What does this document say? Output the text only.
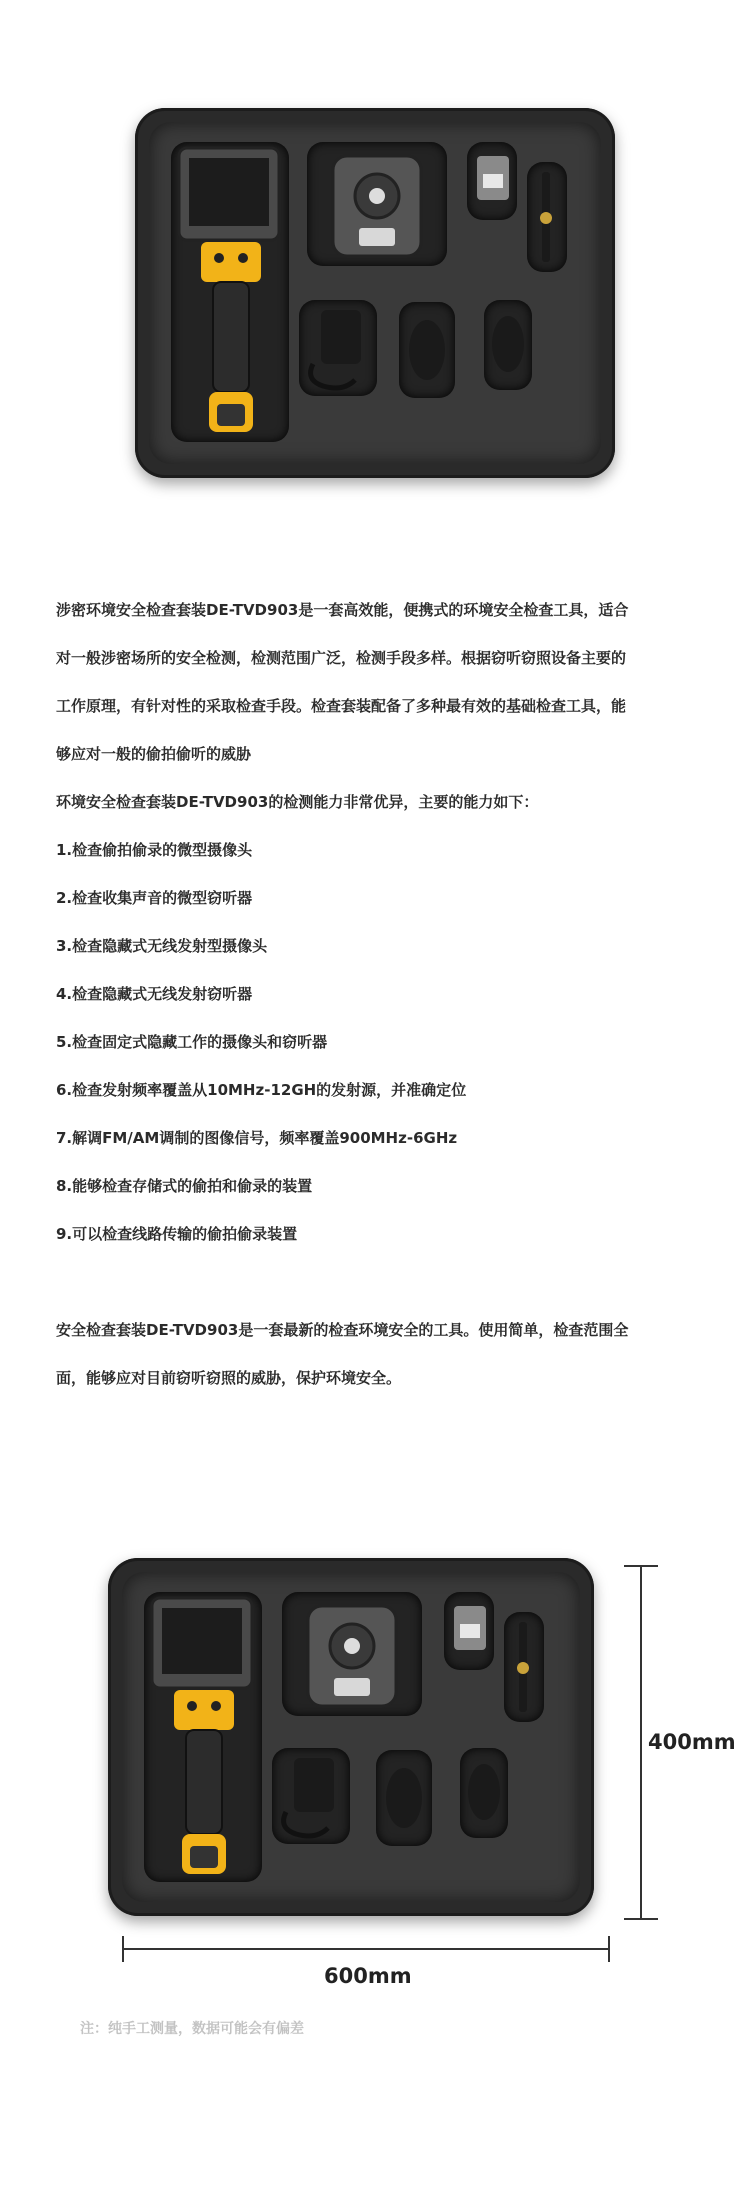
涉密环境安全检查套装DE-TVD903是一套高效能，便携式的环境安全检查工具，适合

对一般涉密场所的安全检测，检测范围广泛，检测手段多样。根据窃听窃照设备主要的

工作原理，有针对性的采取检查手段。检查套装配备了多种最有效的基础检查工具，能

够应对一般的偷拍偷听的威胁

环境安全检查套装DE-TVD903的检测能力非常优异，主要的能力如下：

1.检查偷拍偷录的微型摄像头

2.检查收集声音的微型窃听器

3.检查隐藏式无线发射型摄像头

4.检查隐藏式无线发射窃听器

5.检查固定式隐藏工作的摄像头和窃听器

6.检查发射频率覆盖从10MHz-12GH的发射源，并准确定位

7.解调FM/AM调制的图像信号，频率覆盖900MHz-6GHz

8.能够检查存储式的偷拍和偷录的装置

9.可以检查线路传输的偷拍偷录装置

安全检查套装DE-TVD903是一套最新的检查环境安全的工具。使用简单，检查范围全

面，能够应对目前窃听窃照的威胁，保护环境安全。

400mm
600mm
注：纯手工测量，数据可能会有偏差
